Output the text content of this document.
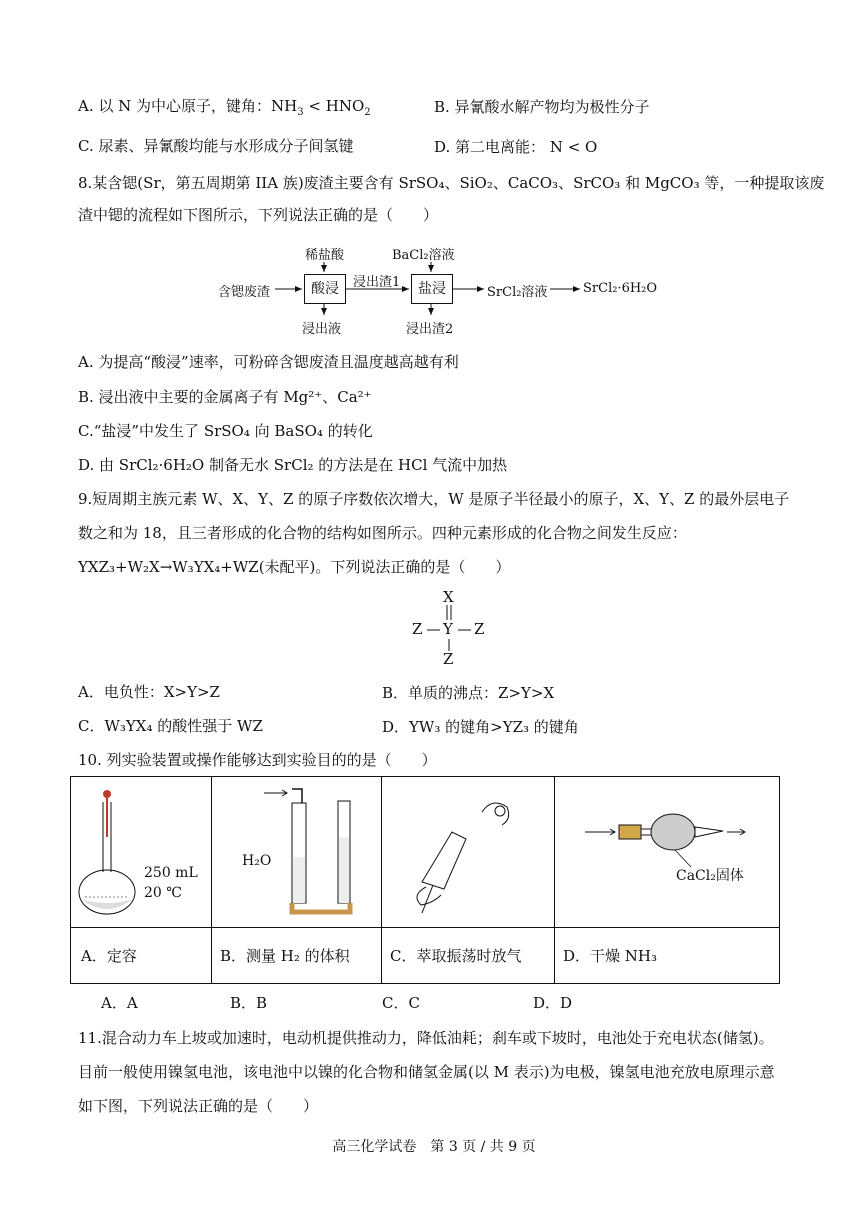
A. 以 N 为中心原子，键角：$NH_3 < HNO_2$	B. 异氰酸水解产物均为极性分子
C. 尿素、异氰酸均能与水形成分子间氢键	D. 第二电离能： N < O
8.某含锶(Sr，第五周期第 IIA 族)废渣主要含有 SrSO₄、SiO₂、CaCO₃、SrCO₃ 和 MgCO₃ 等，一种提取该废
渣中锶的流程如下图所示，下列说法正确的是（　　）
含锶废渣
稀盐酸
酸浸
浸出液
浸出渣1
BaCl₂溶液
盐浸
浸出渣2
SrCl₂溶液	SrCl₂·6H₂O
A. 为提高“酸浸”速率，可粉碎含锶废渣且温度越高越有利
B. 浸出液中主要的金属离子有 Mg²⁺、Ca²⁺
C.“盐浸”中发生了 SrSO₄ 向 BaSO₄ 的转化
D. 由 SrCl₂·6H₂O 制备无水 SrCl₂ 的方法是在 HCl 气流中加热
9.短周期主族元素 W、X、Y、Z 的原子序数依次增大，W 是原子半径最小的原子，X、Y、Z 的最外层电子
数之和为 18，且三者形成的化合物的结构如图所示。四种元素形成的化合物之间发生反应：
YXZ₃+W₂X→W₃YX₄+WZ(未配平)。下列说法正确的是（　　）
X
Y
Z	Z
Z
A．电负性：X>Y>Z	B．单质的沸点：Z>Y>X
C．W₃YX₄ 的酸性强于 WZ	D．YW₃ 的键角>YZ₃ 的键角
10. 列实验装置或操作能够达到实验目的的是（　　）
250 mL
20 ℃	H₂O		CaCl₂固体

A．定容	B．测量 H₂ 的体积	C．萃取振荡时放气	D．干燥 NH₃
A．A	B．B	C．C	D．D
11.混合动力车上坡或加速时，电动机提供推动力，降低油耗；刹车或下坡时，电池处于充电状态(储氢)。
目前一般使用镍氢电池，该电池中以镍的化合物和储氢金属(以 M 表示)为电极，镍氢电池充放电原理示意
如下图，下列说法正确的是（　　）
高三化学试卷　第 3 页 / 共 9 页
